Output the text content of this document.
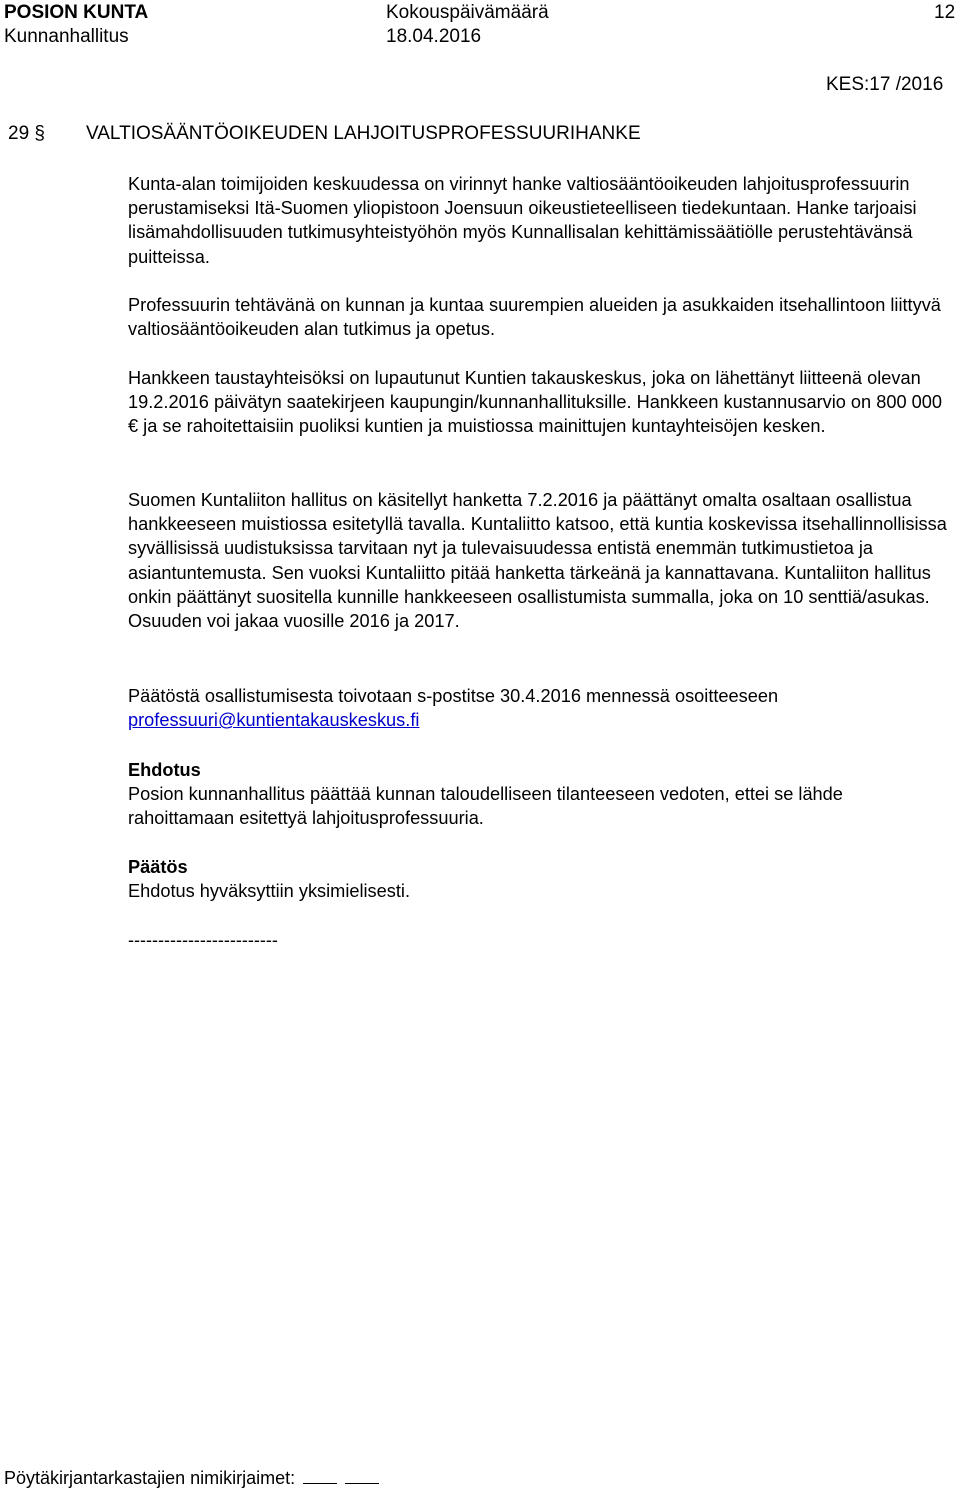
POSION KUNTA	Kokouspäivämäärä	12
Kunnanhallitus	18.04.2016
KES:17 /2016
29 § VALTIOSÄÄNTÖOIKEUDEN LAHJOITUSPROFESSUURIHANKE

Kunta-alan toimijoiden keskuudessa on virinnyt hanke valtiosääntöoikeuden lahjoitusprofessuurin perustamiseksi Itä-Suomen yliopistoon Joensuun oikeustieteelliseen tiedekuntaan. Hanke tarjoaisi lisämahdollisuuden tutkimusyhteistyöhön myös Kunnallisalan kehittämissäätiölle perustehtävänsä puitteissa.

Professuurin tehtävänä on kunnan ja kuntaa suurempien alueiden ja asukkaiden itsehallintoon liittyvä valtiosääntöoikeuden alan tutkimus ja opetus.

Hankkeen taustayhteisöksi on lupautunut Kuntien takauskeskus, joka on lähettänyt liitteenä olevan 19.2.2016 päivätyn saatekirjeen kaupungin/kunnanhallituksille. Hankkeen kustannusarvio on 800 000 € ja se rahoitettaisiin puoliksi kuntien ja muistiossa mainittujen kuntayhteisöjen kesken.

Suomen Kuntaliiton hallitus on käsitellyt hanketta 7.2.2016 ja päättänyt omalta osaltaan osallistua hankkeeseen muistiossa esitetyllä tavalla. Kuntaliitto katsoo, että kuntia koskevissa itsehallinnollisissa syvällisissä uudistuksissa tarvitaan nyt ja tulevaisuudessa entistä enemmän tutkimustietoa ja asiantuntemusta. Sen vuoksi Kuntaliitto pitää hanketta tärkeänä ja kannattavana. Kuntaliiton hallitus onkin päättänyt suositella kunnille hankkeeseen osallistumista summalla, joka on 10 senttiä/asukas. Osuuden voi jakaa vuosille 2016 ja 2017.

Päätöstä osallistumisesta toivotaan s-postitse 30.4.2016 mennessä osoitteeseen

professuuri@kuntientakauskeskus.fi

Ehdotus

Posion kunnanhallitus päättää kunnan taloudelliseen tilanteeseen vedoten, ettei se lähde rahoittamaan esitettyä lahjoitusprofessuuria.

Päätös

Ehdotus hyväksyttiin yksimielisesti.

-------------------------
Pöytäkirjantarkastajien nimikirjaimet:
